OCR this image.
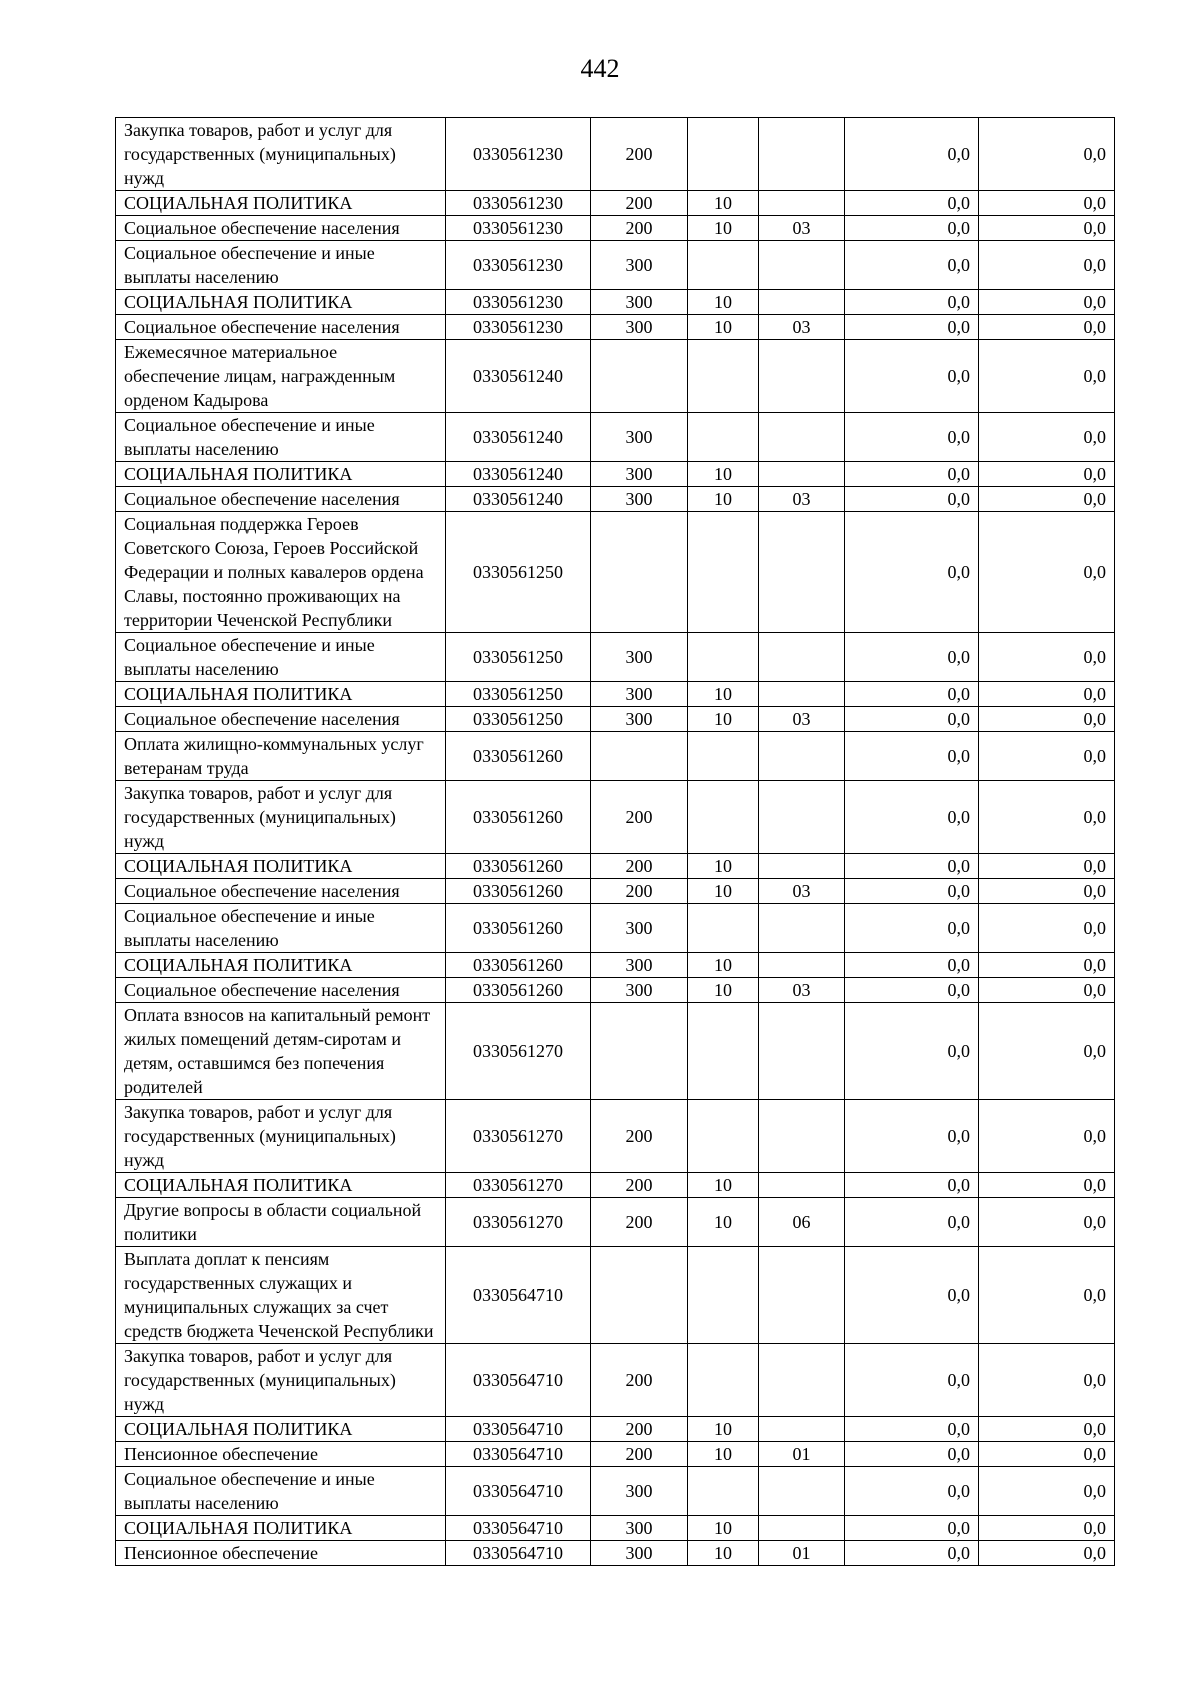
442
Закупка товаров, работ и услуг для государственных (муниципальных) нужд	0330561230	200			0,0	0,0
СОЦИАЛЬНАЯ ПОЛИТИКА	0330561230	200	10		0,0	0,0
Социальное обеспечение населения	0330561230	200	10	03	0,0	0,0
Социальное обеспечение и иные выплаты населению	0330561230	300			0,0	0,0
СОЦИАЛЬНАЯ ПОЛИТИКА	0330561230	300	10		0,0	0,0
Социальное обеспечение населения	0330561230	300	10	03	0,0	0,0
Ежемесячное материальное обеспечение лицам, награжденным орденом Кадырова	0330561240				0,0	0,0
Социальное обеспечение и иные выплаты населению	0330561240	300			0,0	0,0
СОЦИАЛЬНАЯ ПОЛИТИКА	0330561240	300	10		0,0	0,0
Социальное обеспечение населения	0330561240	300	10	03	0,0	0,0
Социальная поддержка Героев Советского Союза, Героев Российской Федерации и полных кавалеров ордена Славы, постоянно проживающих на территории Чеченской Республики	0330561250				0,0	0,0
Социальное обеспечение и иные выплаты населению	0330561250	300			0,0	0,0
СОЦИАЛЬНАЯ ПОЛИТИКА	0330561250	300	10		0,0	0,0
Социальное обеспечение населения	0330561250	300	10	03	0,0	0,0
Оплата жилищно-коммунальных услуг ветеранам труда	0330561260				0,0	0,0
Закупка товаров, работ и услуг для государственных (муниципальных) нужд	0330561260	200			0,0	0,0
СОЦИАЛЬНАЯ ПОЛИТИКА	0330561260	200	10		0,0	0,0
Социальное обеспечение населения	0330561260	200	10	03	0,0	0,0
Социальное обеспечение и иные выплаты населению	0330561260	300			0,0	0,0
СОЦИАЛЬНАЯ ПОЛИТИКА	0330561260	300	10		0,0	0,0
Социальное обеспечение населения	0330561260	300	10	03	0,0	0,0
Оплата взносов на капитальный ремонт жилых помещений детям-сиротам и детям, оставшимся без попечения родителей	0330561270				0,0	0,0
Закупка товаров, работ и услуг для государственных (муниципальных) нужд	0330561270	200			0,0	0,0
СОЦИАЛЬНАЯ ПОЛИТИКА	0330561270	200	10		0,0	0,0
Другие вопросы в области социальной политики	0330561270	200	10	06	0,0	0,0
Выплата доплат к пенсиям государственных служащих и муниципальных служащих за счет средств бюджета Чеченской Республики	0330564710				0,0	0,0
Закупка товаров, работ и услуг для государственных (муниципальных) нужд	0330564710	200			0,0	0,0
СОЦИАЛЬНАЯ ПОЛИТИКА	0330564710	200	10		0,0	0,0
Пенсионное обеспечение	0330564710	200	10	01	0,0	0,0
Социальное обеспечение и иные выплаты населению	0330564710	300			0,0	0,0
СОЦИАЛЬНАЯ ПОЛИТИКА	0330564710	300	10		0,0	0,0
Пенсионное обеспечение	0330564710	300	10	01	0,0	0,0
